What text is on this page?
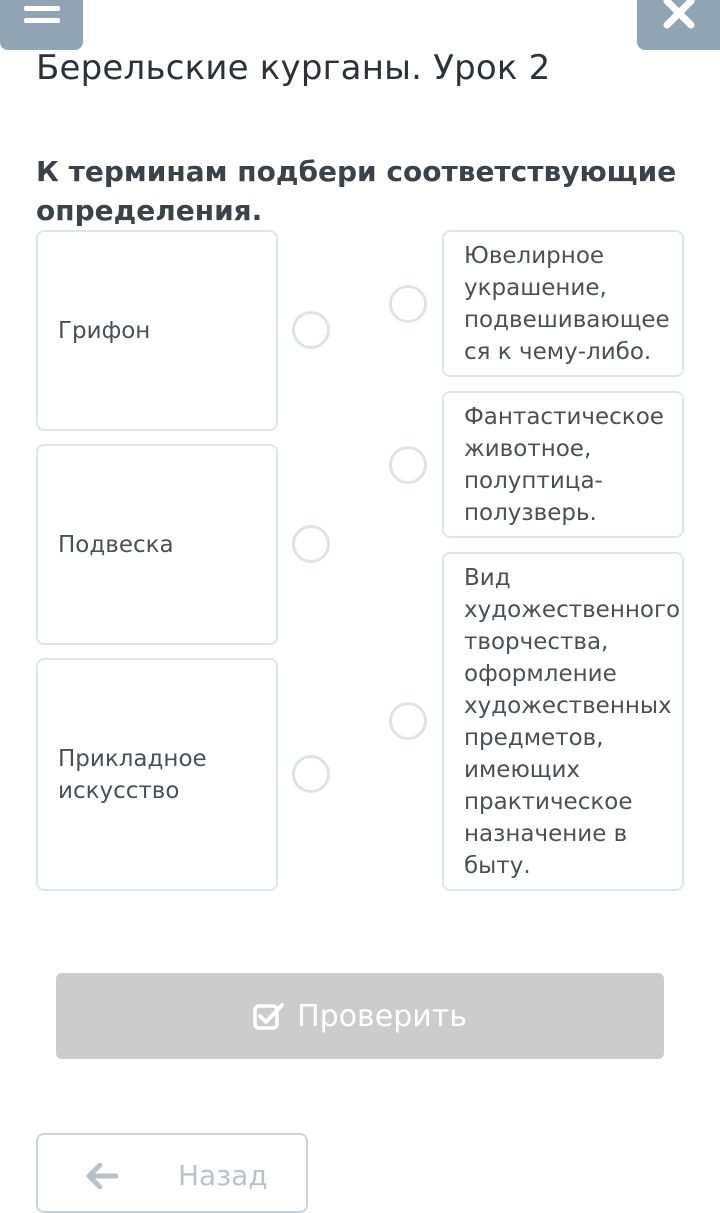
Берельские курганы. Урок 2
К терминам подбери соответствующие определения.
Грифон
Подвеска
Прикладное искусство
Ювелирное украшение, подвешивающее ся к чему-либо.
Фантастическое животное, полуптица-полузверь.
Вид художественного творчества, оформление художественных предметов, имеющих практическое назначение в быту.
Проверить
Назад
